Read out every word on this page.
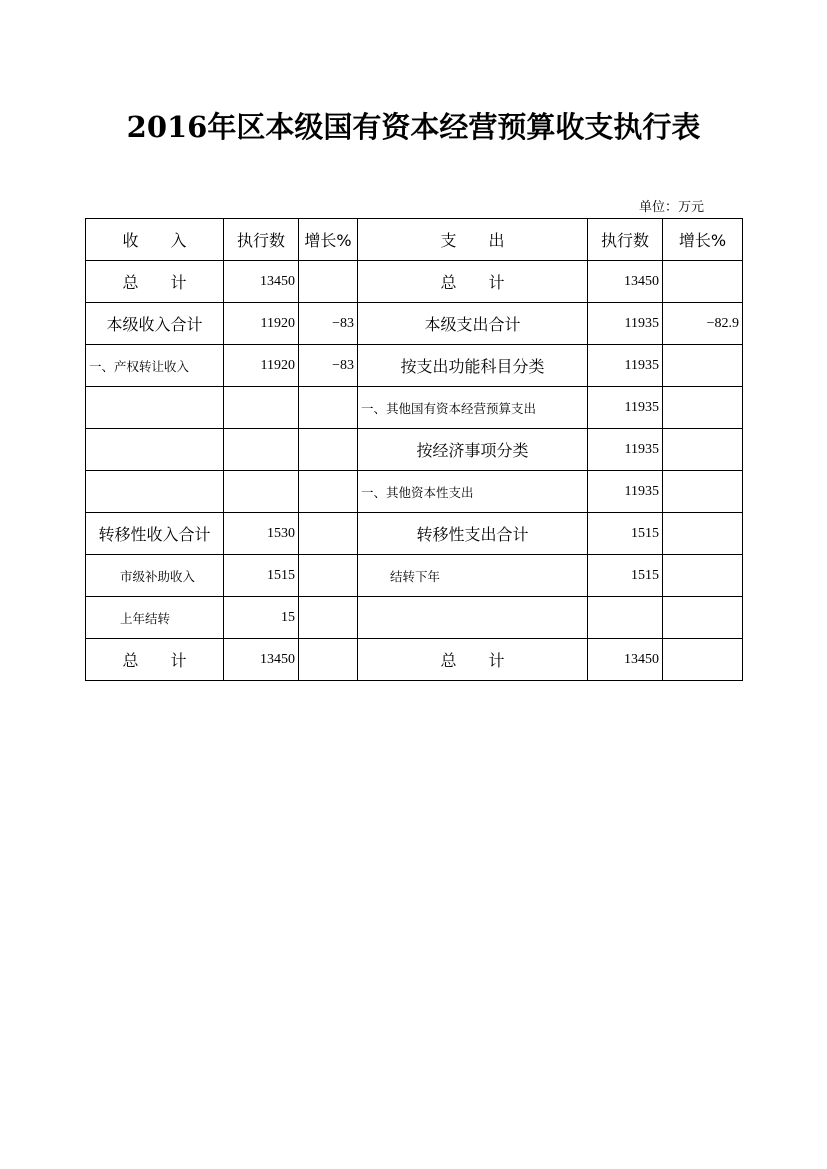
2016年区本级国有资本经营预算收支执行表
单位：万元
收　　入	执行数	增长%	支　　出	执行数	增长%
总　　计	13450		总　　计	13450	
本级收入合计	11920	−83	本级支出合计	11935	−82.9
一、产权转让收入	11920	−83	按支出功能科目分类	11935	
			一、其他国有资本经营预算支出	11935	
			按经济事项分类	11935	
			一、其他资本性支出	11935	
转移性收入合计	1530		转移性支出合计	1515	
市级补助收入	1515		结转下年	1515	
上年结转	15				
总　　计	13450		总　　计	13450	
